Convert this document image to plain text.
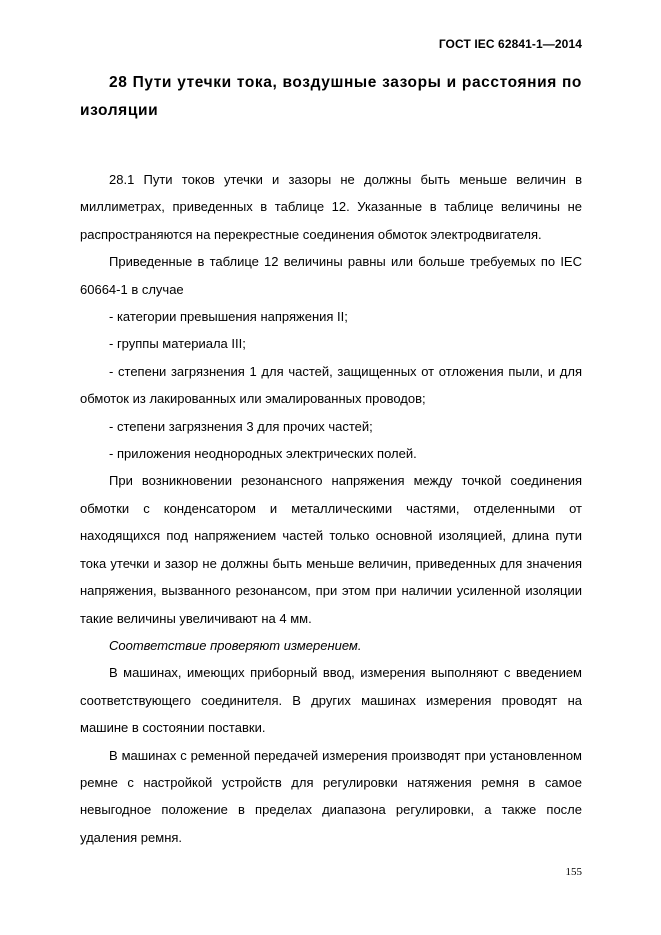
ГОСТ IEC 62841-1—2014
28 Пути утечки тока, воздушные зазоры и расстояния по изоляции

28.1 Пути токов утечки и зазоры не должны быть меньше величин в миллиметрах, приведенных в таблице 12. Указанные в таблице величины не распространяются на перекрестные соединения обмоток электродвигателя.

Приведенные в таблице 12 величины равны или больше требуемых по IEC 60664-1 в случае

- категории превышения напряжения II;

- группы материала III;

- степени загрязнения 1 для частей, защищенных от отложения пыли, и для обмоток из лакированных или эмалированных проводов;

- степени загрязнения 3 для прочих частей;

- приложения неоднородных электрических полей.

При возникновении резонансного напряжения между точкой соединения обмотки с конденсатором и металлическими частями, отделенными от находящихся под напряжением частей только основной изоляцией, длина пути тока утечки и зазор не должны быть меньше величин, приведенных для значения напряжения, вызванного резонансом, при этом при наличии усиленной изоляции такие величины увеличивают на 4 мм.

Соответствие проверяют измерением.

В машинах, имеющих приборный ввод, измерения выполняют с введением соответствующего соединителя. В других машинах измерения проводят на машине в состоянии поставки.

В машинах с ременной передачей измерения производят при установленном ремне с настройкой устройств для регулировки натяжения ремня в самое невыгодное положение в пределах диапазона регулировки, а также после удаления ремня.

155
